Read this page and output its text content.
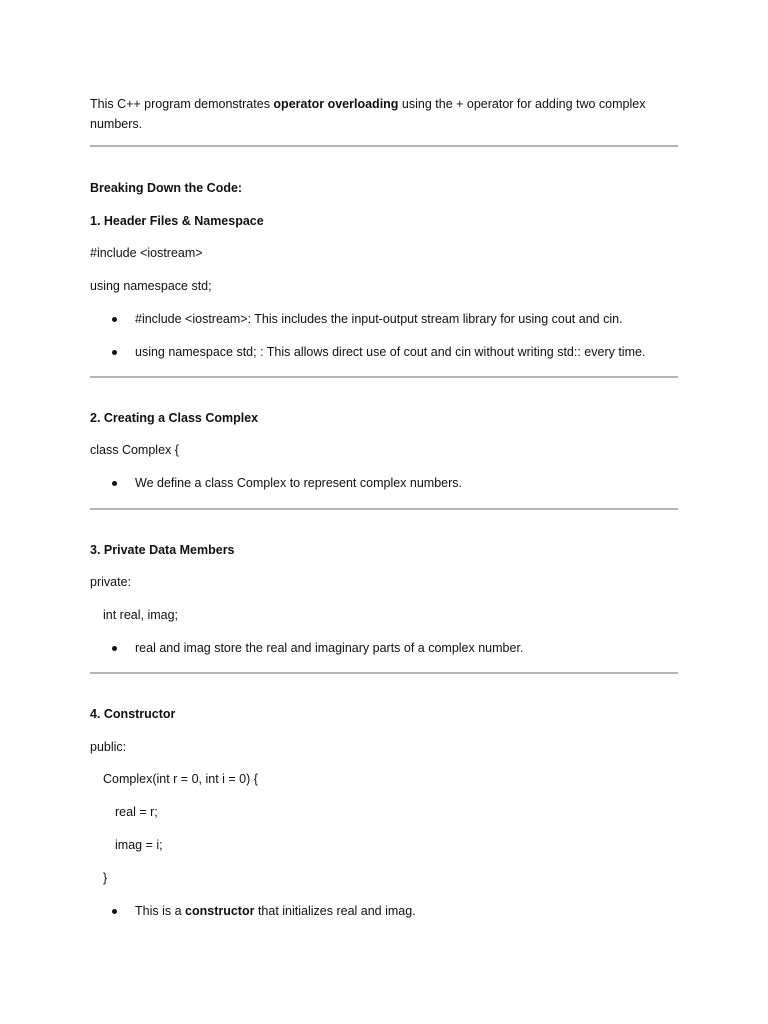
This C++ program demonstrates operator overloading using the + operator for adding two complex numbers.
Breaking Down the Code:
1. Header Files & Namespace
#include <iostream>
using namespace std;
#include <iostream>: This includes the input-output stream library for using cout and cin.
using namespace std; : This allows direct use of cout and cin without writing std:: every time.
2. Creating a Class Complex
class Complex {
We define a class Complex to represent complex numbers.
3. Private Data Members
private:
int real, imag;
real and imag store the real and imaginary parts of a complex number.
4. Constructor
public:
Complex(int r = 0, int i = 0) {
real = r;
imag = i;
}
This is a constructor that initializes real and imag.
